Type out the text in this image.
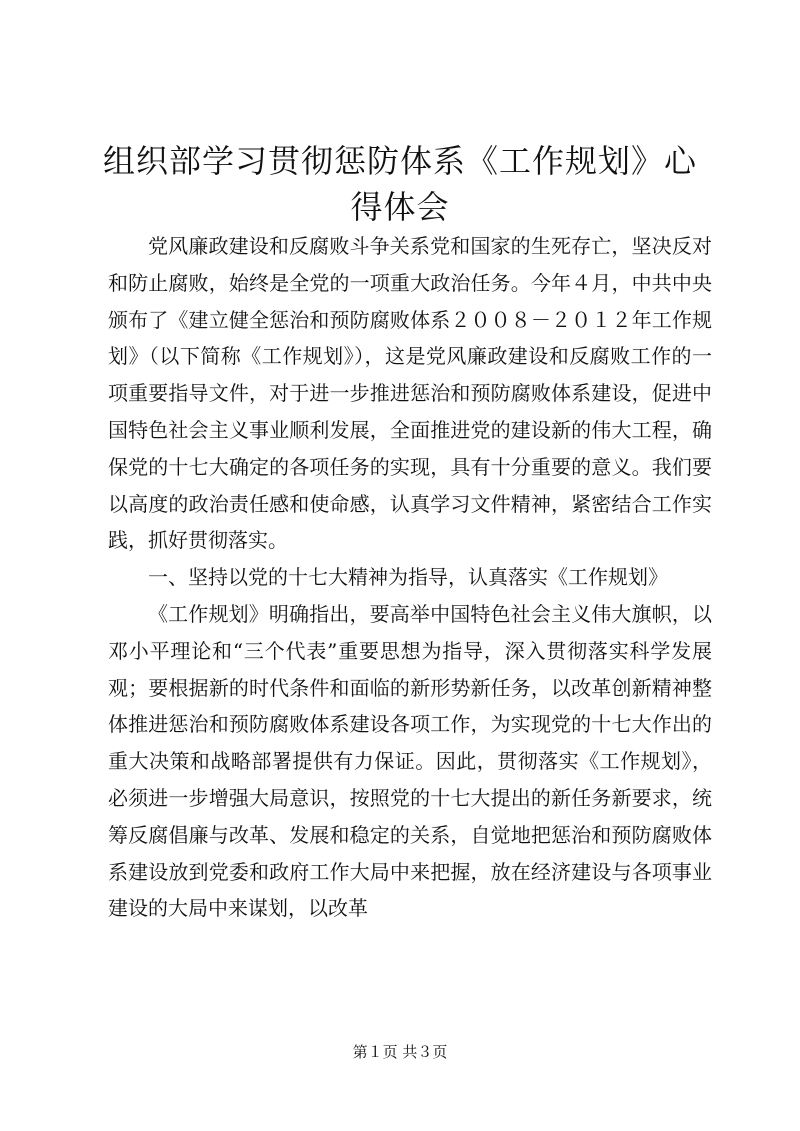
组织部学习贯彻惩防体系《工作规划》心得体会

党风廉政建设和反腐败斗争关系党和国家的生死存亡，坚决反对和防止腐败，始终是全党的一项重大政治任务。今年４月，中共中央颁布了《建立健全惩治和预防腐败体系２００８－２０１２年工作规划》（以下简称《工作规划》），这是党风廉政建设和反腐败工作的一项重要指导文件，对于进一步推进惩治和预防腐败体系建设，促进中国特色社会主义事业顺利发展，全面推进党的建设新的伟大工程，确保党的十七大确定的各项任务的实现，具有十分重要的意义。我们要以高度的政治责任感和使命感，认真学习文件精神，紧密结合工作实践，抓好贯彻落实。

一、坚持以党的十七大精神为指导，认真落实《工作规划》

《工作规划》明确指出，要高举中国特色社会主义伟大旗帜，以邓小平理论和“三个代表”重要思想为指导，深入贯彻落实科学发展观；要根据新的时代条件和面临的新形势新任务，以改革创新精神整体推进惩治和预防腐败体系建设各项工作，为实现党的十七大作出的重大决策和战略部署提供有力保证。因此，贯彻落实《工作规划》，必须进一步增强大局意识，按照党的十七大提出的新任务新要求，统筹反腐倡廉与改革、发展和稳定的关系，自觉地把惩治和预防腐败体系建设放到党委和政府工作大局中来把握，放在经济建设与各项事业建设的大局中来谋划，以改革

第１页 共３页
